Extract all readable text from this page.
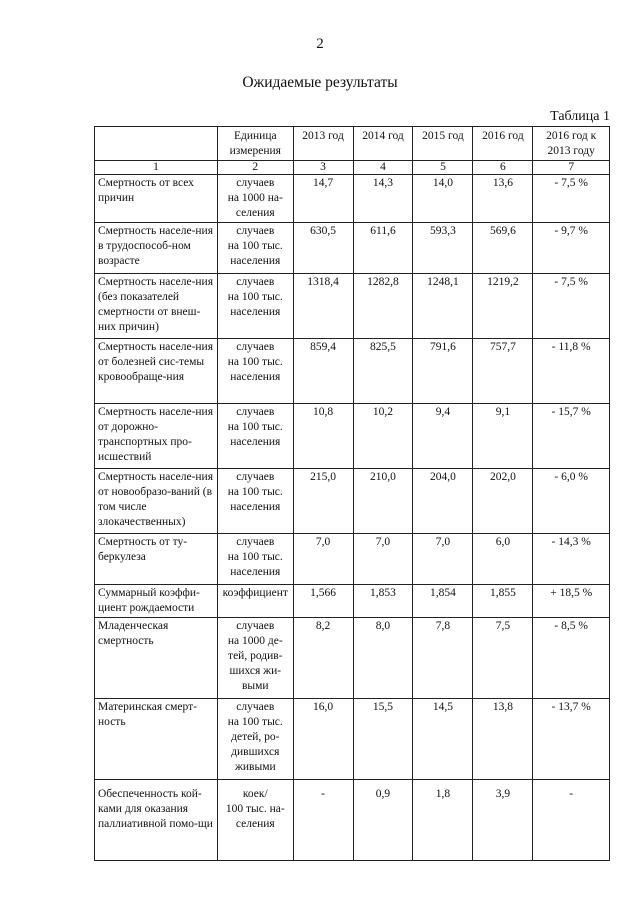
2
Ожидаемые результаты
Таблица 1
	Единица измерения	2013 год	2014 год	2015 год	2016 год	2016 год к 2013 году
1	2	3	4	5	6	7
Смертность от всех причин	случаев
на 1000 на-
селения	14,7	14,3	14,0	13,6	- 7,5 %
Смертность населе-ния в трудоспособ-ном возрасте	случаев
на 100 тыс.
населения	630,5	611,6	593,3	569,6	- 9,7 %
Смертность населе-ния (без показателей смертности от внеш-них причин)	случаев
на 100 тыс.
населения	1318,4	1282,8	1248,1	1219,2	- 7,5 %
Смертность населе-ния от болезней сис-темы кровообраще-ния	случаев
на 100 тыс.
населения	859,4	825,5	791,6	757,7	- 11,8 %
Смертность населе-ния от дорожно-транспортных про-исшествий	случаев
на 100 тыс.
населения	10,8	10,2	9,4	9,1	- 15,7 %
Смертность населе-ния от новообразо-ваний (в том числе злокачественных)	случаев
на 100 тыс.
населения	215,0	210,0	204,0	202,0	- 6,0 %
Смертность от ту-беркулеза	случаев
на 100 тыс.
населения	7,0	7,0	7,0	6,0	- 14,3 %
Суммарный коэффи-циент рождаемости	коэффициент	1,566	1,853	1,854	1,855	+ 18,5 %
Младенческая смертность	случаев
на 1000 де-
тей, родив-
шихся жи-
выми	8,2	8,0	7,8	7,5	- 8,5 %
Материнская смерт-ность	случаев
на 100 тыс.
детей, ро-
дившихся
живыми	16,0	15,5	14,5	13,8	- 13,7 %
Обеспеченность кой-ками для оказания паллиативной помо-щи	коек/
100 тыс. на-
селения	-	0,9	1,8	3,9	-
